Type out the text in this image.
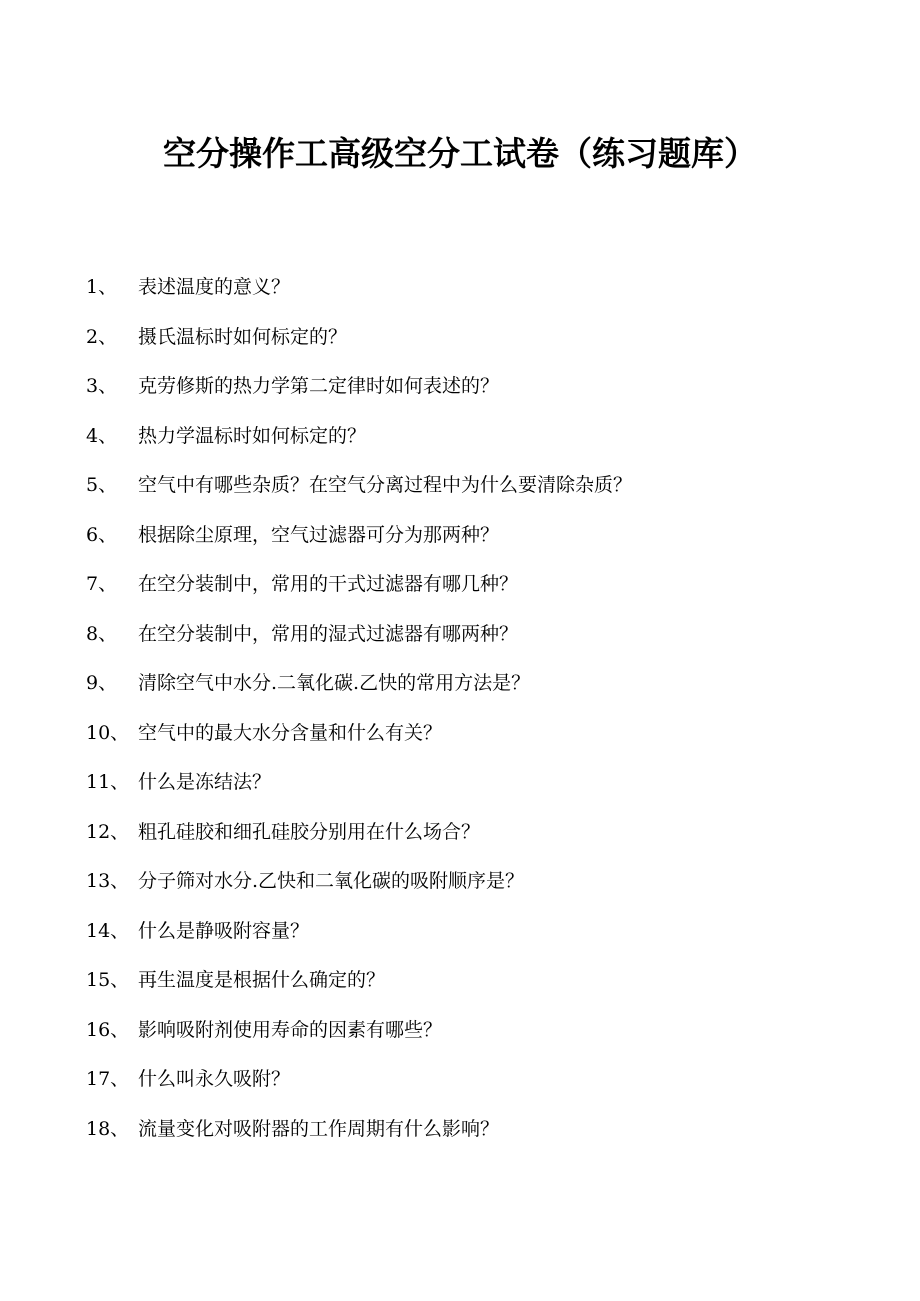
空分操作工高级空分工试卷（练习题库）
1、 表述温度的意义？
2、 摄氏温标时如何标定的？
3、 克劳修斯的热力学第二定律时如何表述的？
4、 热力学温标时如何标定的？
5、 空气中有哪些杂质？在空气分离过程中为什么要清除杂质？
6、 根据除尘原理，空气过滤器可分为那两种？
7、 在空分装制中，常用的干式过滤器有哪几种？
8、 在空分装制中，常用的湿式过滤器有哪两种？
9、 清除空气中水分.二氧化碳.乙快的常用方法是？
10、 空气中的最大水分含量和什么有关？
11、 什么是冻结法？
12、 粗孔硅胶和细孔硅胶分别用在什么场合？
13、 分子筛对水分.乙快和二氧化碳的吸附顺序是？
14、 什么是静吸附容量？
15、 再生温度是根据什么确定的？
16、 影响吸附剂使用寿命的因素有哪些？
17、 什么叫永久吸附？
18、 流量变化对吸附器的工作周期有什么影响？
